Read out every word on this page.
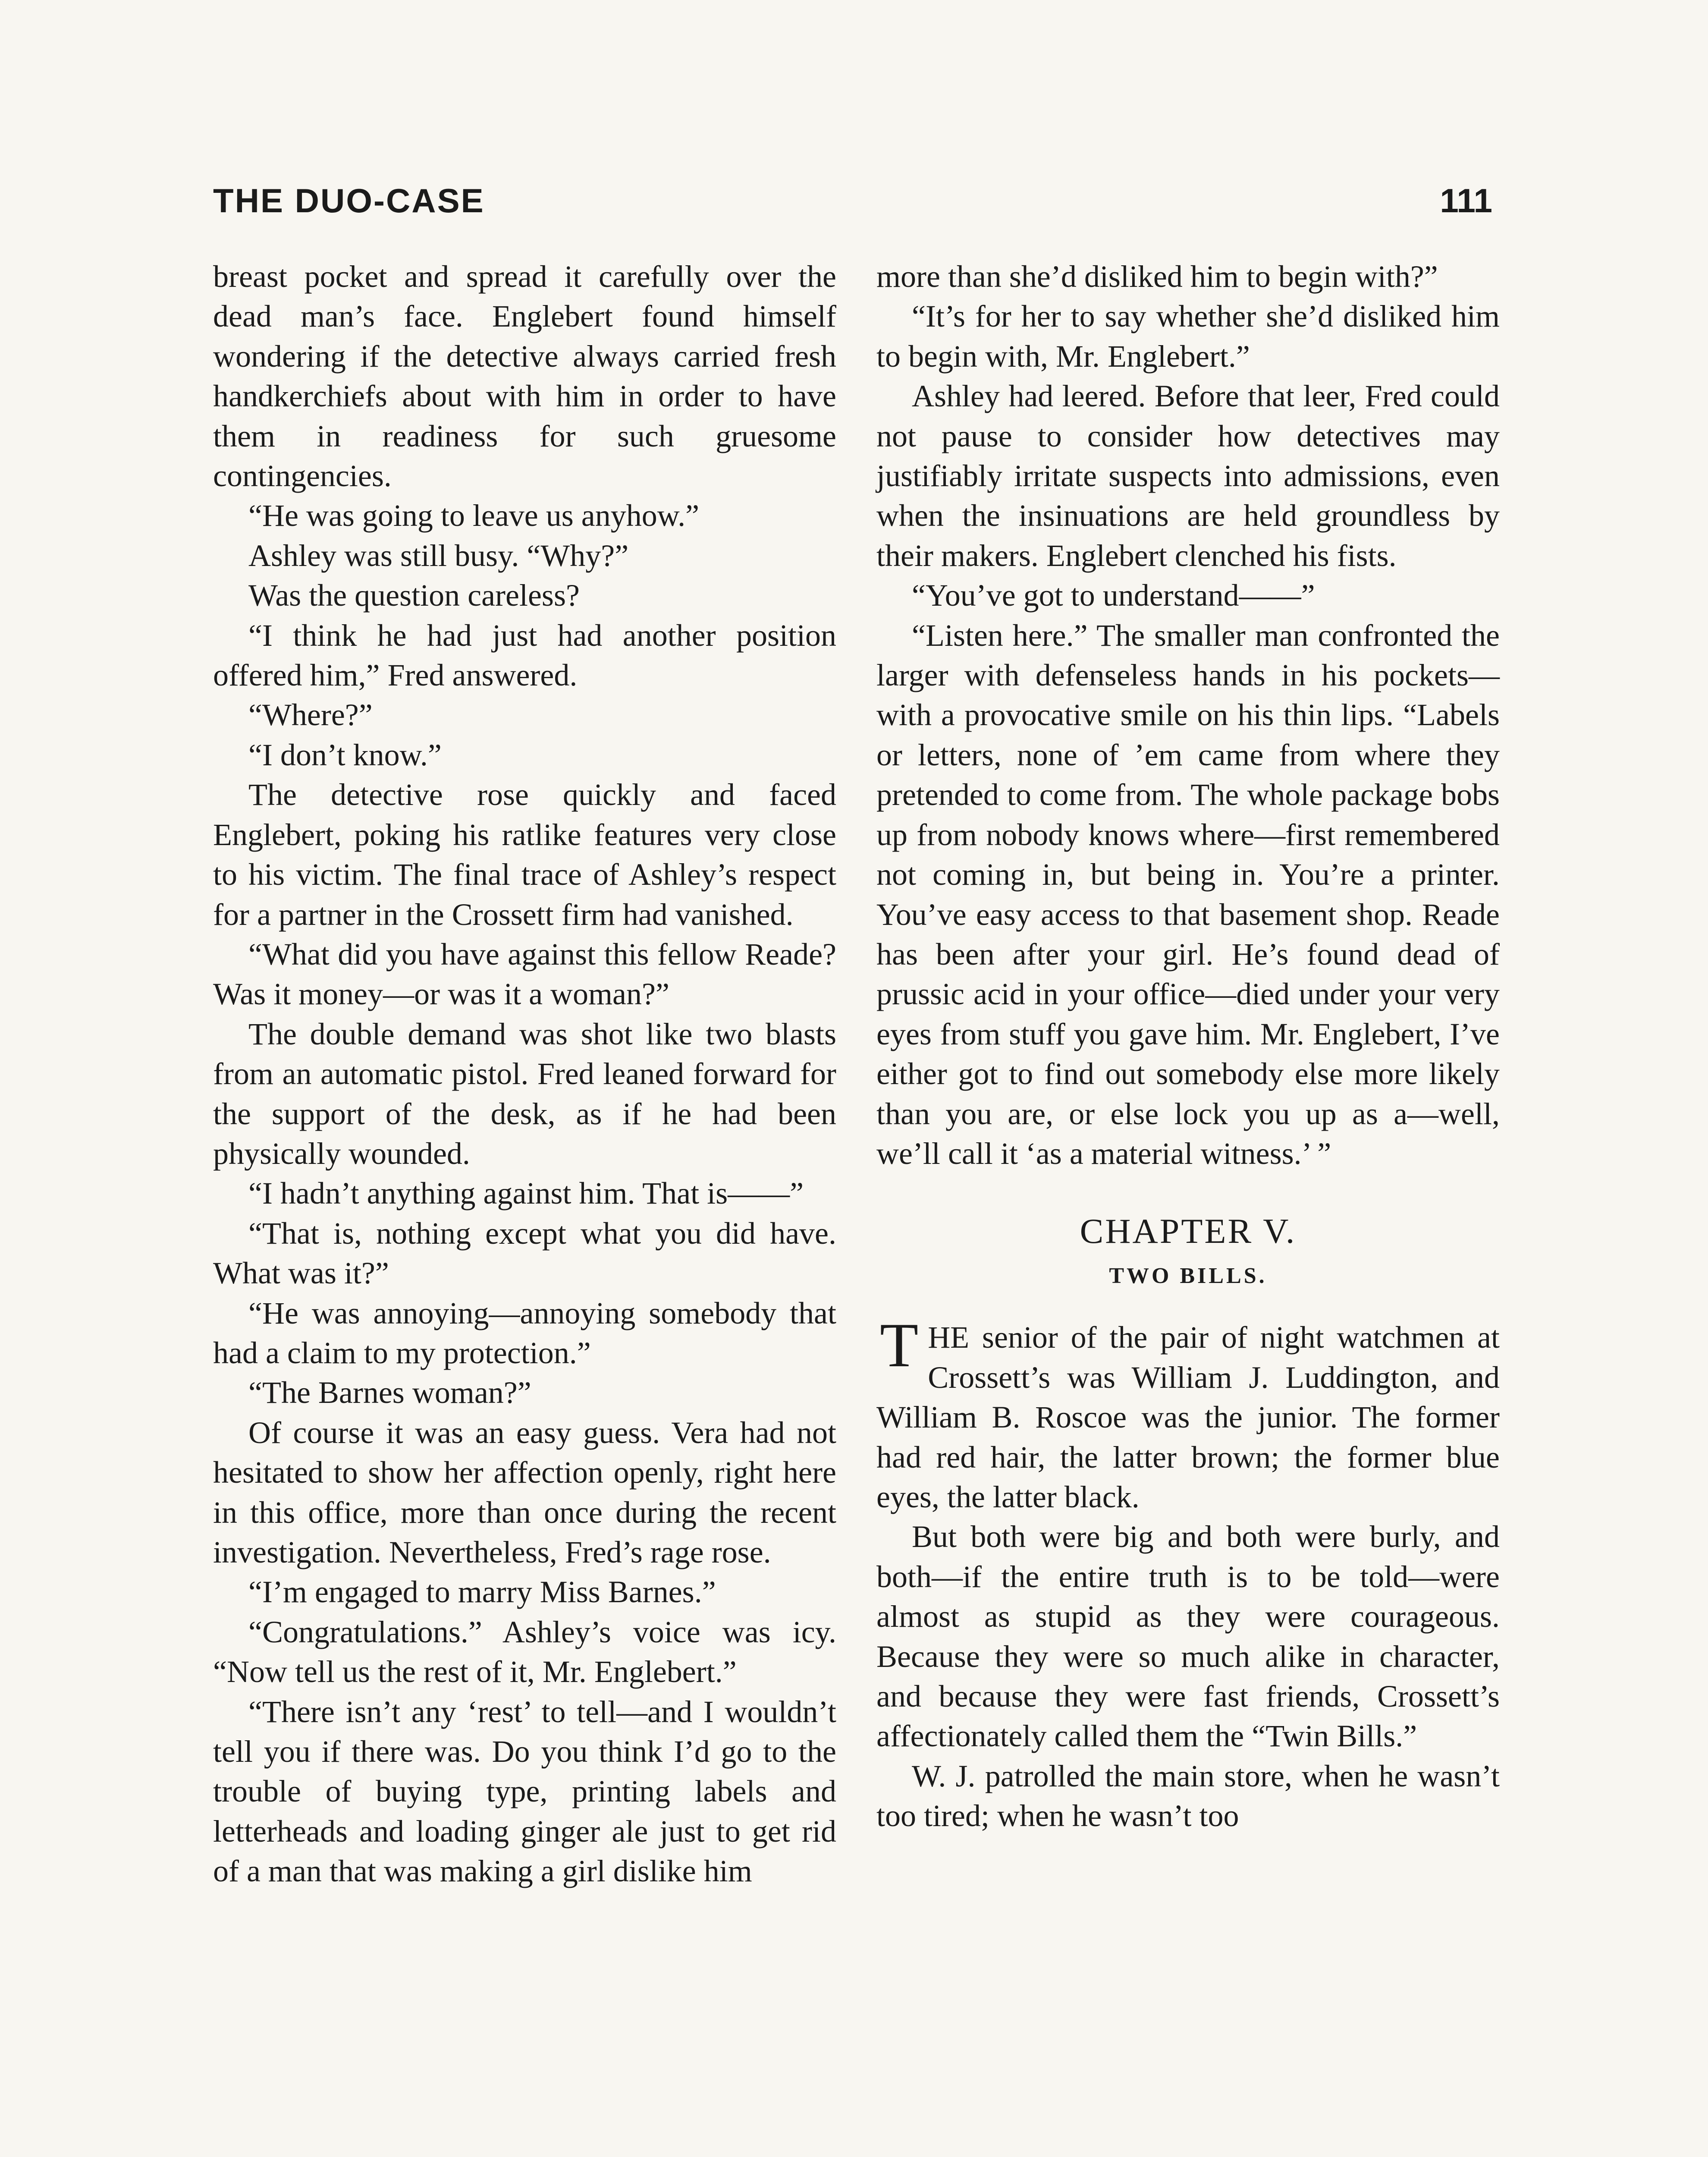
THE DUO-CASE	111

breast pocket and spread it carefully over the dead man’s face. Englebert found himself wondering if the detective always carried fresh handkerchiefs about with him in order to have them in readiness for such gruesome contingencies.

“He was going to leave us anyhow.”

Ashley was still busy. “Why?”

Was the question careless?

“I think he had just had another position offered him,” Fred answered.

“Where?”

“I don’t know.”

The detective rose quickly and faced Englebert, poking his ratlike features very close to his victim. The final trace of Ashley’s respect for a partner in the Crossett firm had vanished.

“What did you have against this fellow Reade? Was it money—or was it a woman?”

The double demand was shot like two blasts from an automatic pistol. Fred leaned forward for the support of the desk, as if he had been physically wounded.

“I hadn’t anything against him. That is——”

“That is, nothing except what you did have. What was it?”

“He was annoying—annoying somebody that had a claim to my protection.”

“The Barnes woman?”

Of course it was an easy guess. Vera had not hesitated to show her affection openly, right here in this office, more than once during the recent investigation. Nevertheless, Fred’s rage rose.

“I’m engaged to marry Miss Barnes.”

“Congratulations.” Ashley’s voice was icy. “Now tell us the rest of it, Mr. Englebert.”

“There isn’t any ‘rest’ to tell—and I wouldn’t tell you if there was. Do you think I’d go to the trouble of buying type, printing labels and letterheads and loading ginger ale just to get rid of a man that was making a girl dislike him

more than she’d disliked him to begin with?”

“It’s for her to say whether she’d disliked him to begin with, Mr. Englebert.”

Ashley had leered. Before that leer, Fred could not pause to consider how detectives may justifiably irritate suspects into admissions, even when the insinuations are held groundless by their makers. Englebert clenched his fists.

“You’ve got to understand——”

“Listen here.” The smaller man confronted the larger with defenseless hands in his pockets—with a provocative smile on his thin lips. “Labels or letters, none of ’em came from where they pretended to come from. The whole package bobs up from nobody knows where—first remembered not coming in, but being in. You’re a printer. You’ve easy access to that basement shop. Reade has been after your girl. He’s found dead of prussic acid in your office—died under your very eyes from stuff you gave him. Mr. Englebert, I’ve either got to find out somebody else more likely than you are, or else lock you up as a—well, we’ll call it ‘as a material witness.’ ”

CHAPTER V.
TWO BILLS.

THE senior of the pair of night watchmen at Crossett’s was William J. Luddington, and William B. Roscoe was the junior. The former had red hair, the latter brown; the former blue eyes, the latter black.

But both were big and both were burly, and both—if the entire truth is to be told—were almost as stupid as they were courageous. Because they were so much alike in character, and because they were fast friends, Crossett’s affectionately called them the “Twin Bills.”

W. J. patrolled the main store, when he wasn’t too tired; when he wasn’t too
